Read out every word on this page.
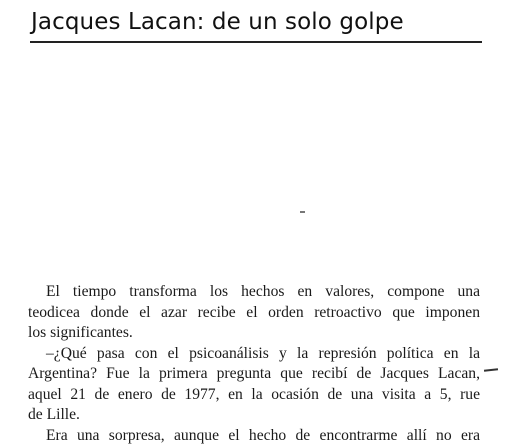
Jacques Lacan: de un solo golpe
El tiempo transforma los hechos en valores, compone una
teodicea donde el azar recibe el orden retroactivo que imponen
los significantes.
–¿Qué pasa con el psicoanálisis y la represión política en la
Argentina? Fue la primera pregunta que recibí de Jacques Lacan,
aquel 21 de enero de 1977, en la ocasión de una visita a 5, rue
de Lille.
Era una sorpresa, aunque el hecho de encontrarme allí no era
